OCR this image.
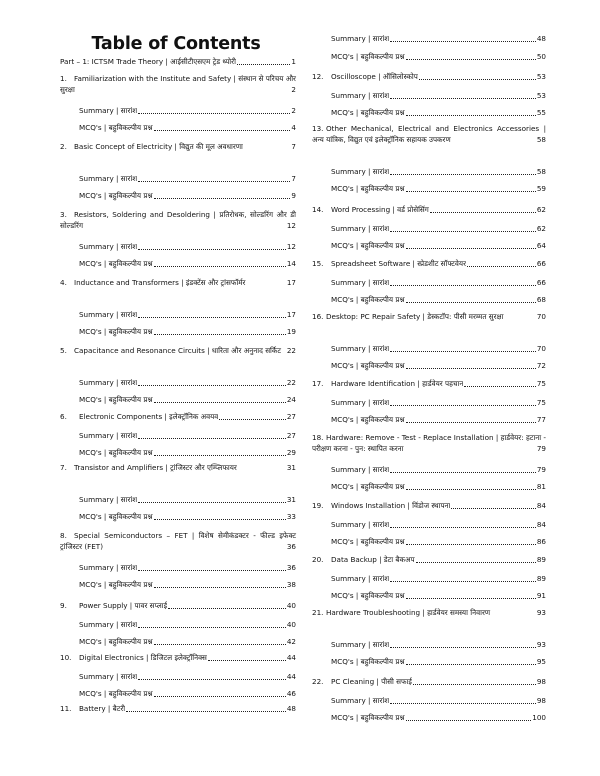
Table of Contents
Part – 1: ICTSM Trade Theory | आईसीटीएसएम ट्रेड थ्योरी	1
1. Familiarization with the Institute and Safety | संस्थान से परिचय और सुरक्षा	2
Summary | सारांश	2
MCQ's | बहुविकल्पीय प्रश्न	4
2. Basic Concept of Electricity | विद्युत की मूल अवधारणा	7
Summary | सारांश	7
MCQ's | बहुविकल्पीय प्रश्न	9
3. Resistors, Soldering and Desoldering | प्रतिरोधक, सोल्डरिंग और डी सोल्डरिंग	12
Summary | सारांश	12
MCQ's | बहुविकल्पीय प्रश्न	14
4. Inductance and Transformers | इंडक्टेंस और ट्रांसफॉर्मर	17
Summary | सारांश	17
MCQ's | बहुविकल्पीय प्रश्न	19
5. Capacitance and Resonance Circuits | धारिता और अनुनाद सर्किट 22
Summary | सारांश	22
MCQ's | बहुविकल्पीय प्रश्न	24
6. Electronic Components | इलेक्ट्रॉनिक अवयव	27
Summary | सारांश	27
MCQ's | बहुविकल्पीय प्रश्न	29
7. Transistor and Amplifiers | ट्रांजिस्टर और एम्प्लिफायर	31
Summary | सारांश	31
MCQ's | बहुविकल्पीय प्रश्न	33
8. Special Semiconductors – FET | विशेष सेमीकंडक्टर - फील्ड इफेक्ट ट्रांजिस्टर (FET)	36
Summary | सारांश	36
MCQ's | बहुविकल्पीय प्रश्न	38
9. Power Supply | पावर सप्लाई	40
Summary | सारांश	40
MCQ's | बहुविकल्पीय प्रश्न	42
10. Digital Electronics | डिजिटल इलेक्ट्रॉनिक्स	44
Summary | सारांश	44
MCQ's | बहुविकल्पीय प्रश्न	46
11. Battery | बैटरी	48
Summary | सारांश	48
MCQ's | बहुविकल्पीय प्रश्न	50
12. Oscilloscope | ऑसिलोस्कोप	53
Summary | सारांश	53
MCQ's | बहुविकल्पीय प्रश्न	55
13. Other Mechanical, Electrical and Electronics Accessories | अन्य यांत्रिक, विद्युत एवं इलेक्ट्रॉनिक सहायक उपकरण	58
Summary | सारांश	58
MCQ's | बहुविकल्पीय प्रश्न	59
14. Word Processing | वर्ड प्रोसेसिंग	62
Summary | सारांश	62
MCQ's | बहुविकल्पीय प्रश्न	64
15. Spreadsheet Software | स्प्रेडशीट सॉफ्टवेयर	66
Summary | सारांश	66
MCQ's | बहुविकल्पीय प्रश्न	68
16. Desktop: PC Repair Safety | डेस्कटॉप: पीसी मरम्मत सुरक्षा	70
Summary | सारांश	70
MCQ's | बहुविकल्पीय प्रश्न	72
17. Hardware Identification | हार्डवेयर पहचान	75
Summary | सारांश	75
MCQ's | बहुविकल्पीय प्रश्न	77
18. Hardware: Remove - Test - Replace Installation | हार्डवेयर: हटाना - परीक्षण करना - पुन: स्थापित करना	79
Summary | सारांश	79
MCQ's | बहुविकल्पीय प्रश्न	81
19. Windows Installation | विंडोज स्थापना	84
Summary | सारांश	84
MCQ's | बहुविकल्पीय प्रश्न	86
20. Data Backup | डेटा बैकअप	89
Summary | सारांश	89
MCQ's | बहुविकल्पीय प्रश्न	91
21. Hardware Troubleshooting | हार्डवेयर समस्या निवारण	93
Summary | सारांश	93
MCQ's | बहुविकल्पीय प्रश्न	95
22. PC Cleaning | पीसी सफाई	98
Summary | सारांश	98
MCQ's | बहुविकल्पीय प्रश्न	100
